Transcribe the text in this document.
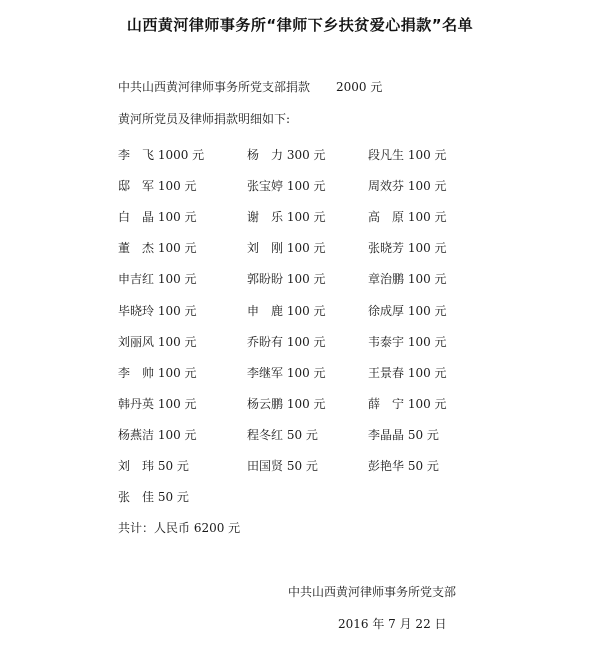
山西黄河律师事务所“律师下乡扶贫爱心捐款”名单
中共山西黄河律师事务所党支部捐款 2000 元
黄河所党员及律师捐款明细如下:
李　飞 1000 元	杨　力 300 元	段凡生 100 元
邸　军 100 元	张宝婷 100 元	周效芬 100 元
白　晶 100 元	谢　乐 100 元	高　原 100 元
董　杰 100 元	刘　刚 100 元	张晓芳 100 元
申吉红 100 元	郭盼盼 100 元	章治鹏 100 元
毕晓玲 100 元	申　鹿 100 元	徐成厚 100 元
刘丽风 100 元	乔盼有 100 元	韦泰宇 100 元
李　帅 100 元	李继军 100 元	王景春 100 元
韩丹英 100 元	杨云鹏 100 元	薛　宁 100 元
杨燕洁 100 元	程冬红 50 元	李晶晶 50 元
刘　玮 50 元	田国贤 50 元	彭艳华 50 元
张　佳 50 元
共计：人民币 6200 元
中共山西黄河律师事务所党支部
2016 年 7 月 22 日
